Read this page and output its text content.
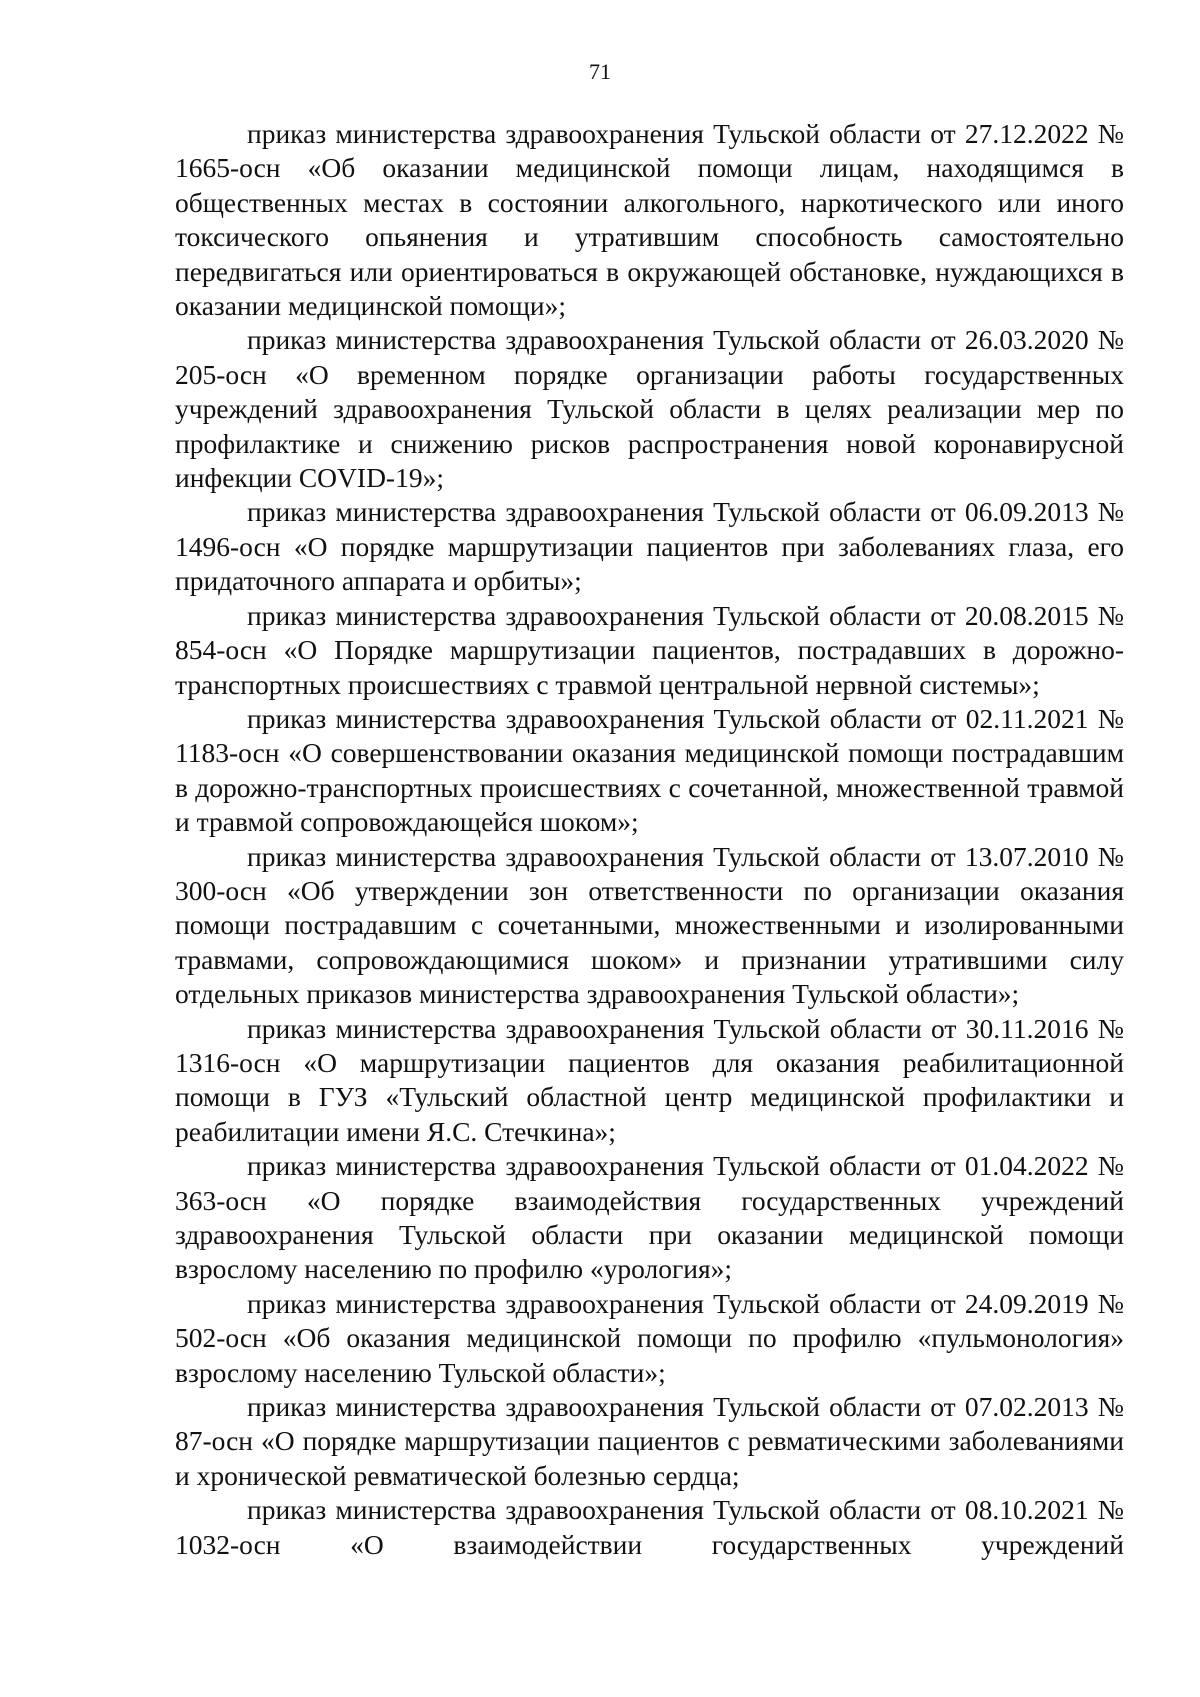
71

приказ министерства здравоохранения Тульской области от 27.12.2022 № 1665-осн «Об оказании медицинской помощи лицам, находящимся в общественных местах в состоянии алкогольного, наркотического или иного токсического опьянения и утратившим способность самостоятельно передвигаться или ориентироваться в окружающей обстановке, нуждающихся в оказании медицинской помощи»;

приказ министерства здравоохранения Тульской области от 26.03.2020 № 205-осн «О временном порядке организации работы государственных учреждений здравоохранения Тульской области в целях реализации мер по профилактике и снижению рисков распространения новой коронавирусной инфекции COVID-19»;

приказ министерства здравоохранения Тульской области от 06.09.2013 № 1496-осн «О порядке маршрутизации пациентов при заболеваниях глаза, его придаточного аппарата и орбиты»;

приказ министерства здравоохранения Тульской области от 20.08.2015 № 854-осн «О Порядке маршрутизации пациентов, пострадавших в дорожно-транспортных происшествиях с травмой центральной нервной системы»;

приказ министерства здравоохранения Тульской области от 02.11.2021 № 1183-осн «О совершенствовании оказания медицинской помощи пострадавшим в дорожно-транспортных происшествиях с сочетанной, множественной травмой и травмой сопровождающейся шоком»;

приказ министерства здравоохранения Тульской области от 13.07.2010 № 300-осн «Об утверждении зон ответственности по организации оказания помощи пострадавшим с сочетанными, множественными и изолированными травмами, сопровождающимися шоком» и признании утратившими силу отдельных приказов министерства здравоохранения Тульской области»;

приказ министерства здравоохранения Тульской области от 30.11.2016 № 1316-осн «О маршрутизации пациентов для оказания реабилитационной помощи в ГУЗ «Тульский областной центр медицинской профилактики и реабилитации имени Я.С. Стечкина»;

приказ министерства здравоохранения Тульской области от 01.04.2022 № 363-осн «О порядке взаимодействия государственных учреждений здравоохранения Тульской области при оказании медицинской помощи взрослому населению по профилю «урология»;

приказ министерства здравоохранения Тульской области от 24.09.2019 № 502-осн «Об оказания медицинской помощи по профилю «пульмонология» взрослому населению Тульской области»;

приказ министерства здравоохранения Тульской области от 07.02.2013 № 87-осн «О порядке маршрутизации пациентов с ревматическими заболеваниями и хронической ревматической болезнью сердца;

приказ министерства здравоохранения Тульской области от 08.10.2021 № 1032-осн «О взаимодействии государственных учреждений
